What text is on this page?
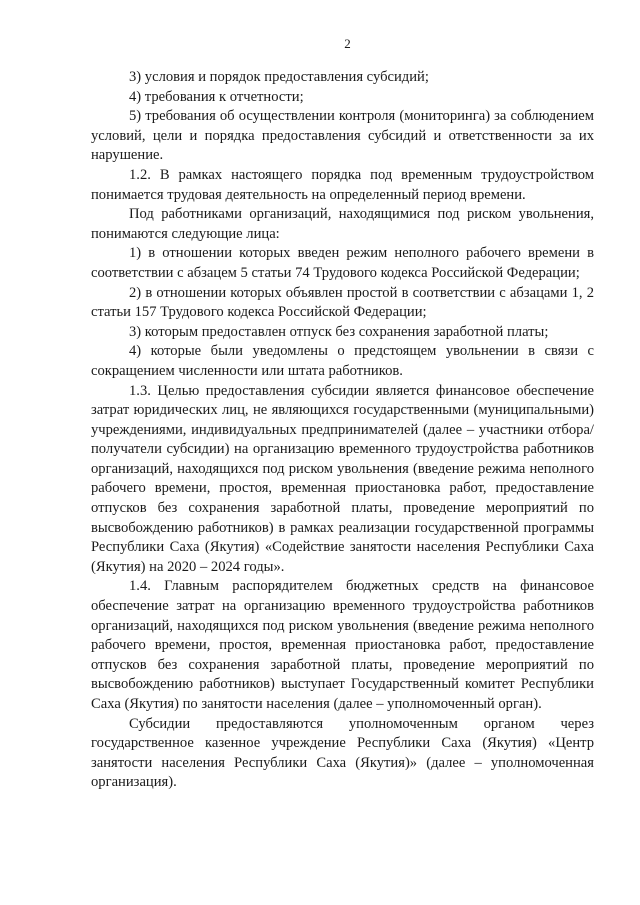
2

3) условия и порядок предоставления субсидий;

4) требования к отчетности;

5) требования об осуществлении контроля (мониторинга) за соблюдением условий, цели и порядка предоставления субсидий и ответственности за их нарушение.

1.2. В рамках настоящего порядка под временным трудоустройством понимается трудовая деятельность на определенный период времени.

Под работниками организаций, находящимися под риском увольнения, понимаются следующие лица:

1) в отношении которых введен режим неполного рабочего времени в соответствии с абзацем 5 статьи 74 Трудового кодекса Российской Федерации;

2) в отношении которых объявлен простой в соответствии с абзацами 1, 2 статьи 157 Трудового кодекса Российской Федерации;

3) которым предоставлен отпуск без сохранения заработной платы;

4) которые были уведомлены о предстоящем увольнении в связи с сокращением численности или штата работников.

1.3. Целью предоставления субсидии является финансовое обеспечение затрат юридических лиц, не являющихся государственными (муниципальными) учреждениями, индивидуальных предпринимателей (далее – участники отбора/получатели субсидии) на организацию временного трудоустройства работников организаций, находящихся под риском увольнения (введение режима неполного рабочего времени, простоя, временная приостановка работ, предоставление отпусков без сохранения заработной платы, проведение мероприятий по высвобождению работников) в рамках реализации государственной программы Республики Саха (Якутия) «Содействие занятости населения Республики Саха (Якутия) на 2020 – 2024 годы».

1.4. Главным распорядителем бюджетных средств на финансовое обеспечение затрат на организацию временного трудоустройства работников организаций, находящихся под риском увольнения (введение режима неполного рабочего времени, простоя, временная приостановка работ, предоставление отпусков без сохранения заработной платы, проведение мероприятий по высвобождению работников) выступает Государственный комитет Республики Саха (Якутия) по занятости населения (далее – уполномоченный орган).

Субсидии предоставляются уполномоченным органом через государственное казенное учреждение Республики Саха (Якутия) «Центр занятости населения Республики Саха (Якутия)» (далее – уполномоченная организация).
